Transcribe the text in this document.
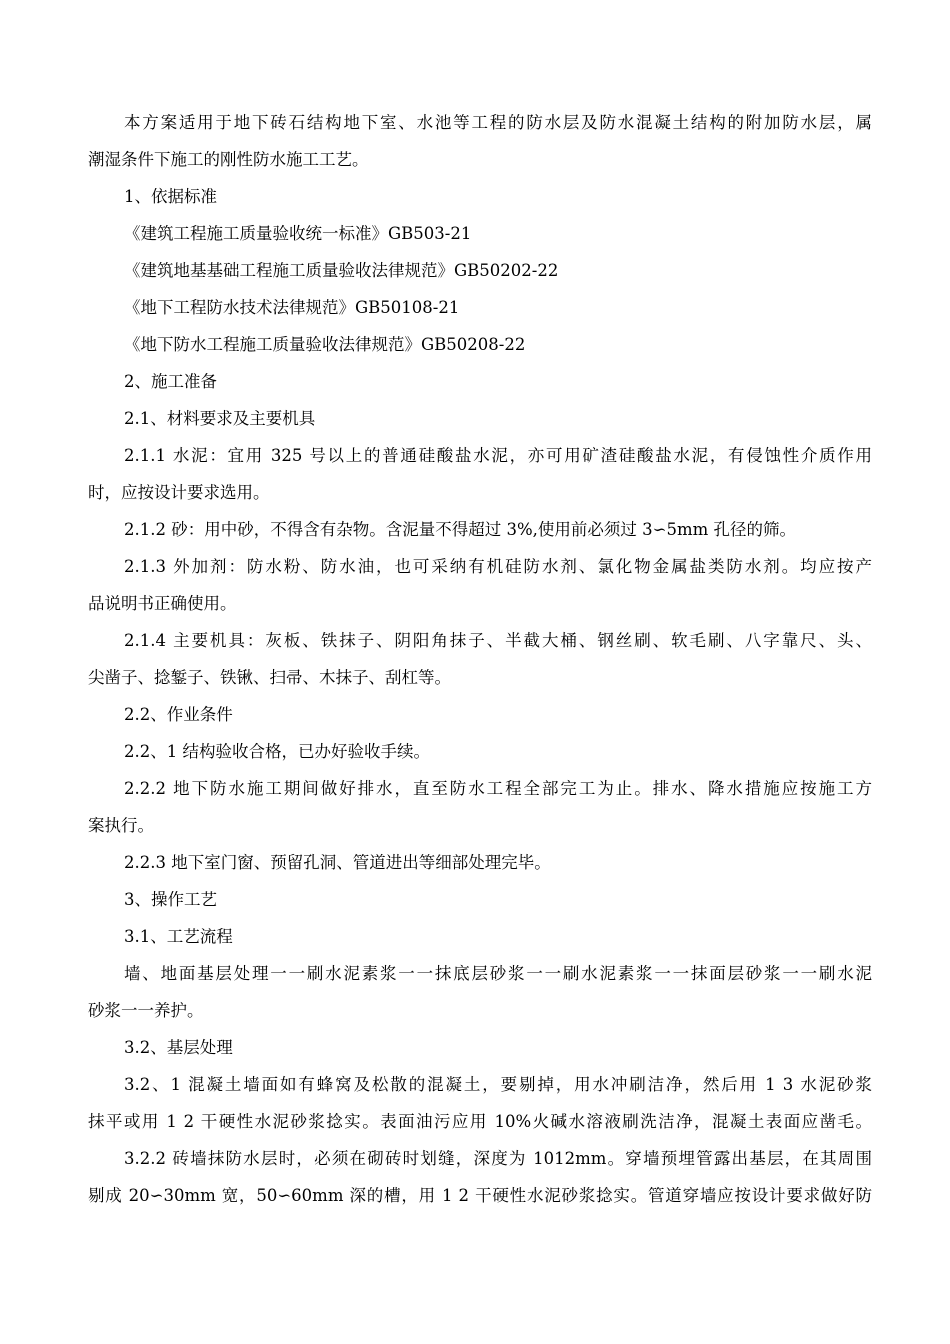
本方案适用于地下砖石结构地下室、水池等工程的防水层及防水混凝土结构的附加防水层，属
潮湿条件下施工的刚性防水施工工艺。
1、依据标准
《建筑工程施工质量验收统一标准》GB503-21
《建筑地基基础工程施工质量验收法律规范》GB50202-22
《地下工程防水技术法律规范》GB50108-21
《地下防水工程施工质量验收法律规范》GB50208-22
2、施工准备
2.1、材料要求及主要机具
2.1.1 水泥：宜用 325 号以上的普通硅酸盐水泥，亦可用矿渣硅酸盐水泥，有侵蚀性介质作用
时，应按设计要求选用。
2.1.2 砂：用中砂，不得含有杂物。含泥量不得超过 3%,使用前必须过 3∽5mm 孔径的筛。
2.1.3 外加剂：防水粉、防水油，也可采纳有机硅防水剂、氯化物金属盐类防水剂。均应按产
品说明书正确使用。
2.1.4 主要机具：灰板、铁抹子、阴阳角抹子、半截大桶、钢丝刷、软毛刷、八字靠尺、头、
尖凿子、捻錾子、铁锹、扫帚、木抹子、刮杠等。
2.2、作业条件
2.2、1 结构验收合格，已办好验收手续。
2.2.2 地下防水施工期间做好排水，直至防水工程全部完工为止。排水、降水措施应按施工方
案执行。
2.2.3 地下室门窗、预留孔洞、管道进出等细部处理完毕。
3、操作工艺
3.1、工艺流程
墙、地面基层处理一一刷水泥素浆一一抹底层砂浆一一刷水泥素浆一一抹面层砂浆一一刷水泥
砂浆一一养护。
3.2、基层处理
3.2、1 混凝土墙面如有蜂窝及松散的混凝土，要剔掉，用水冲刷洁净，然后用 1 3 水泥砂浆
抹平或用 1 2 干硬性水泥砂浆捻实。表面油污应用 10%火碱水溶液刷洗洁净，混凝土表面应凿毛。
3.2.2 砖墙抹防水层时，必须在砌砖时划缝，深度为 1012mm。穿墙预埋管露出基层，在其周围
剔成 20∽30mm 宽，50∽60mm 深的槽，用 1 2 干硬性水泥砂浆捻实。管道穿墙应按设计要求做好防
